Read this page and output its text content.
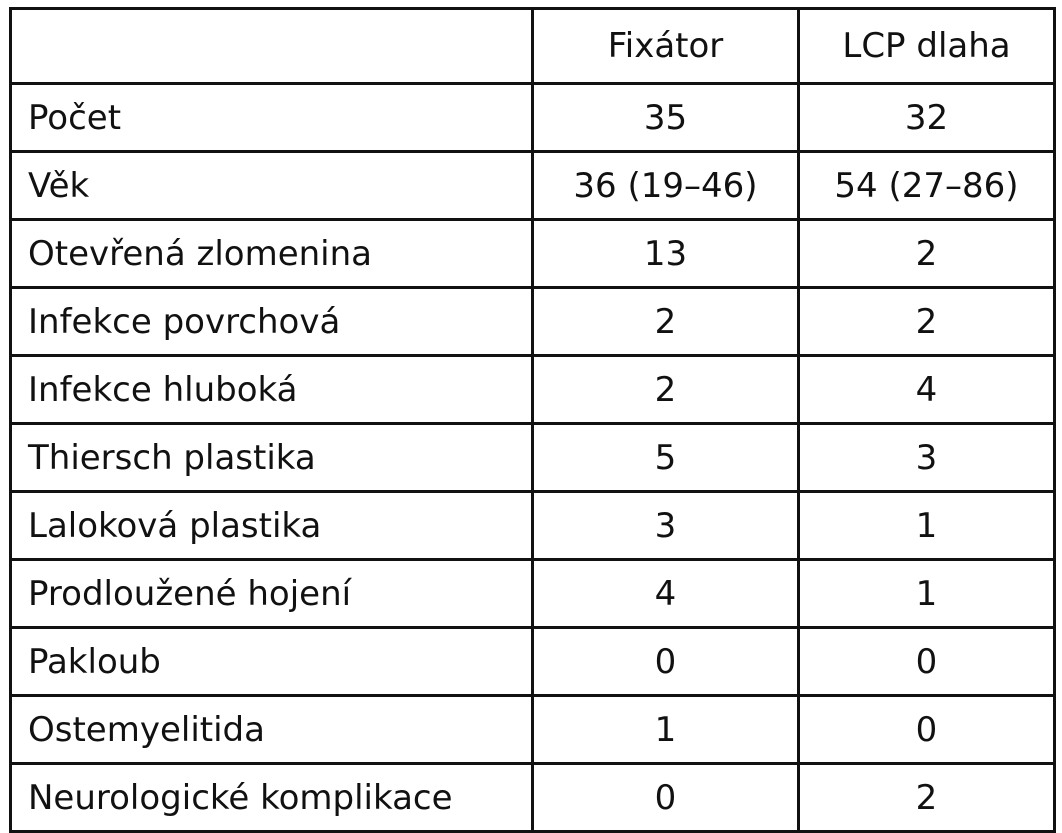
	Fixátor	LCP dlaha
Počet	35	32
Věk	36 (19–46)	54 (27–86)
Otevřená zlomenina	13	2
Infekce povrchová	2	2
Infekce hluboká	2	4
Thiersch plastika	5	3
Laloková plastika	3	1
Prodloužené hojení	4	1
Pakloub	0	0
Ostemyelitida	1	0
Neurologické komplikace	0	2
